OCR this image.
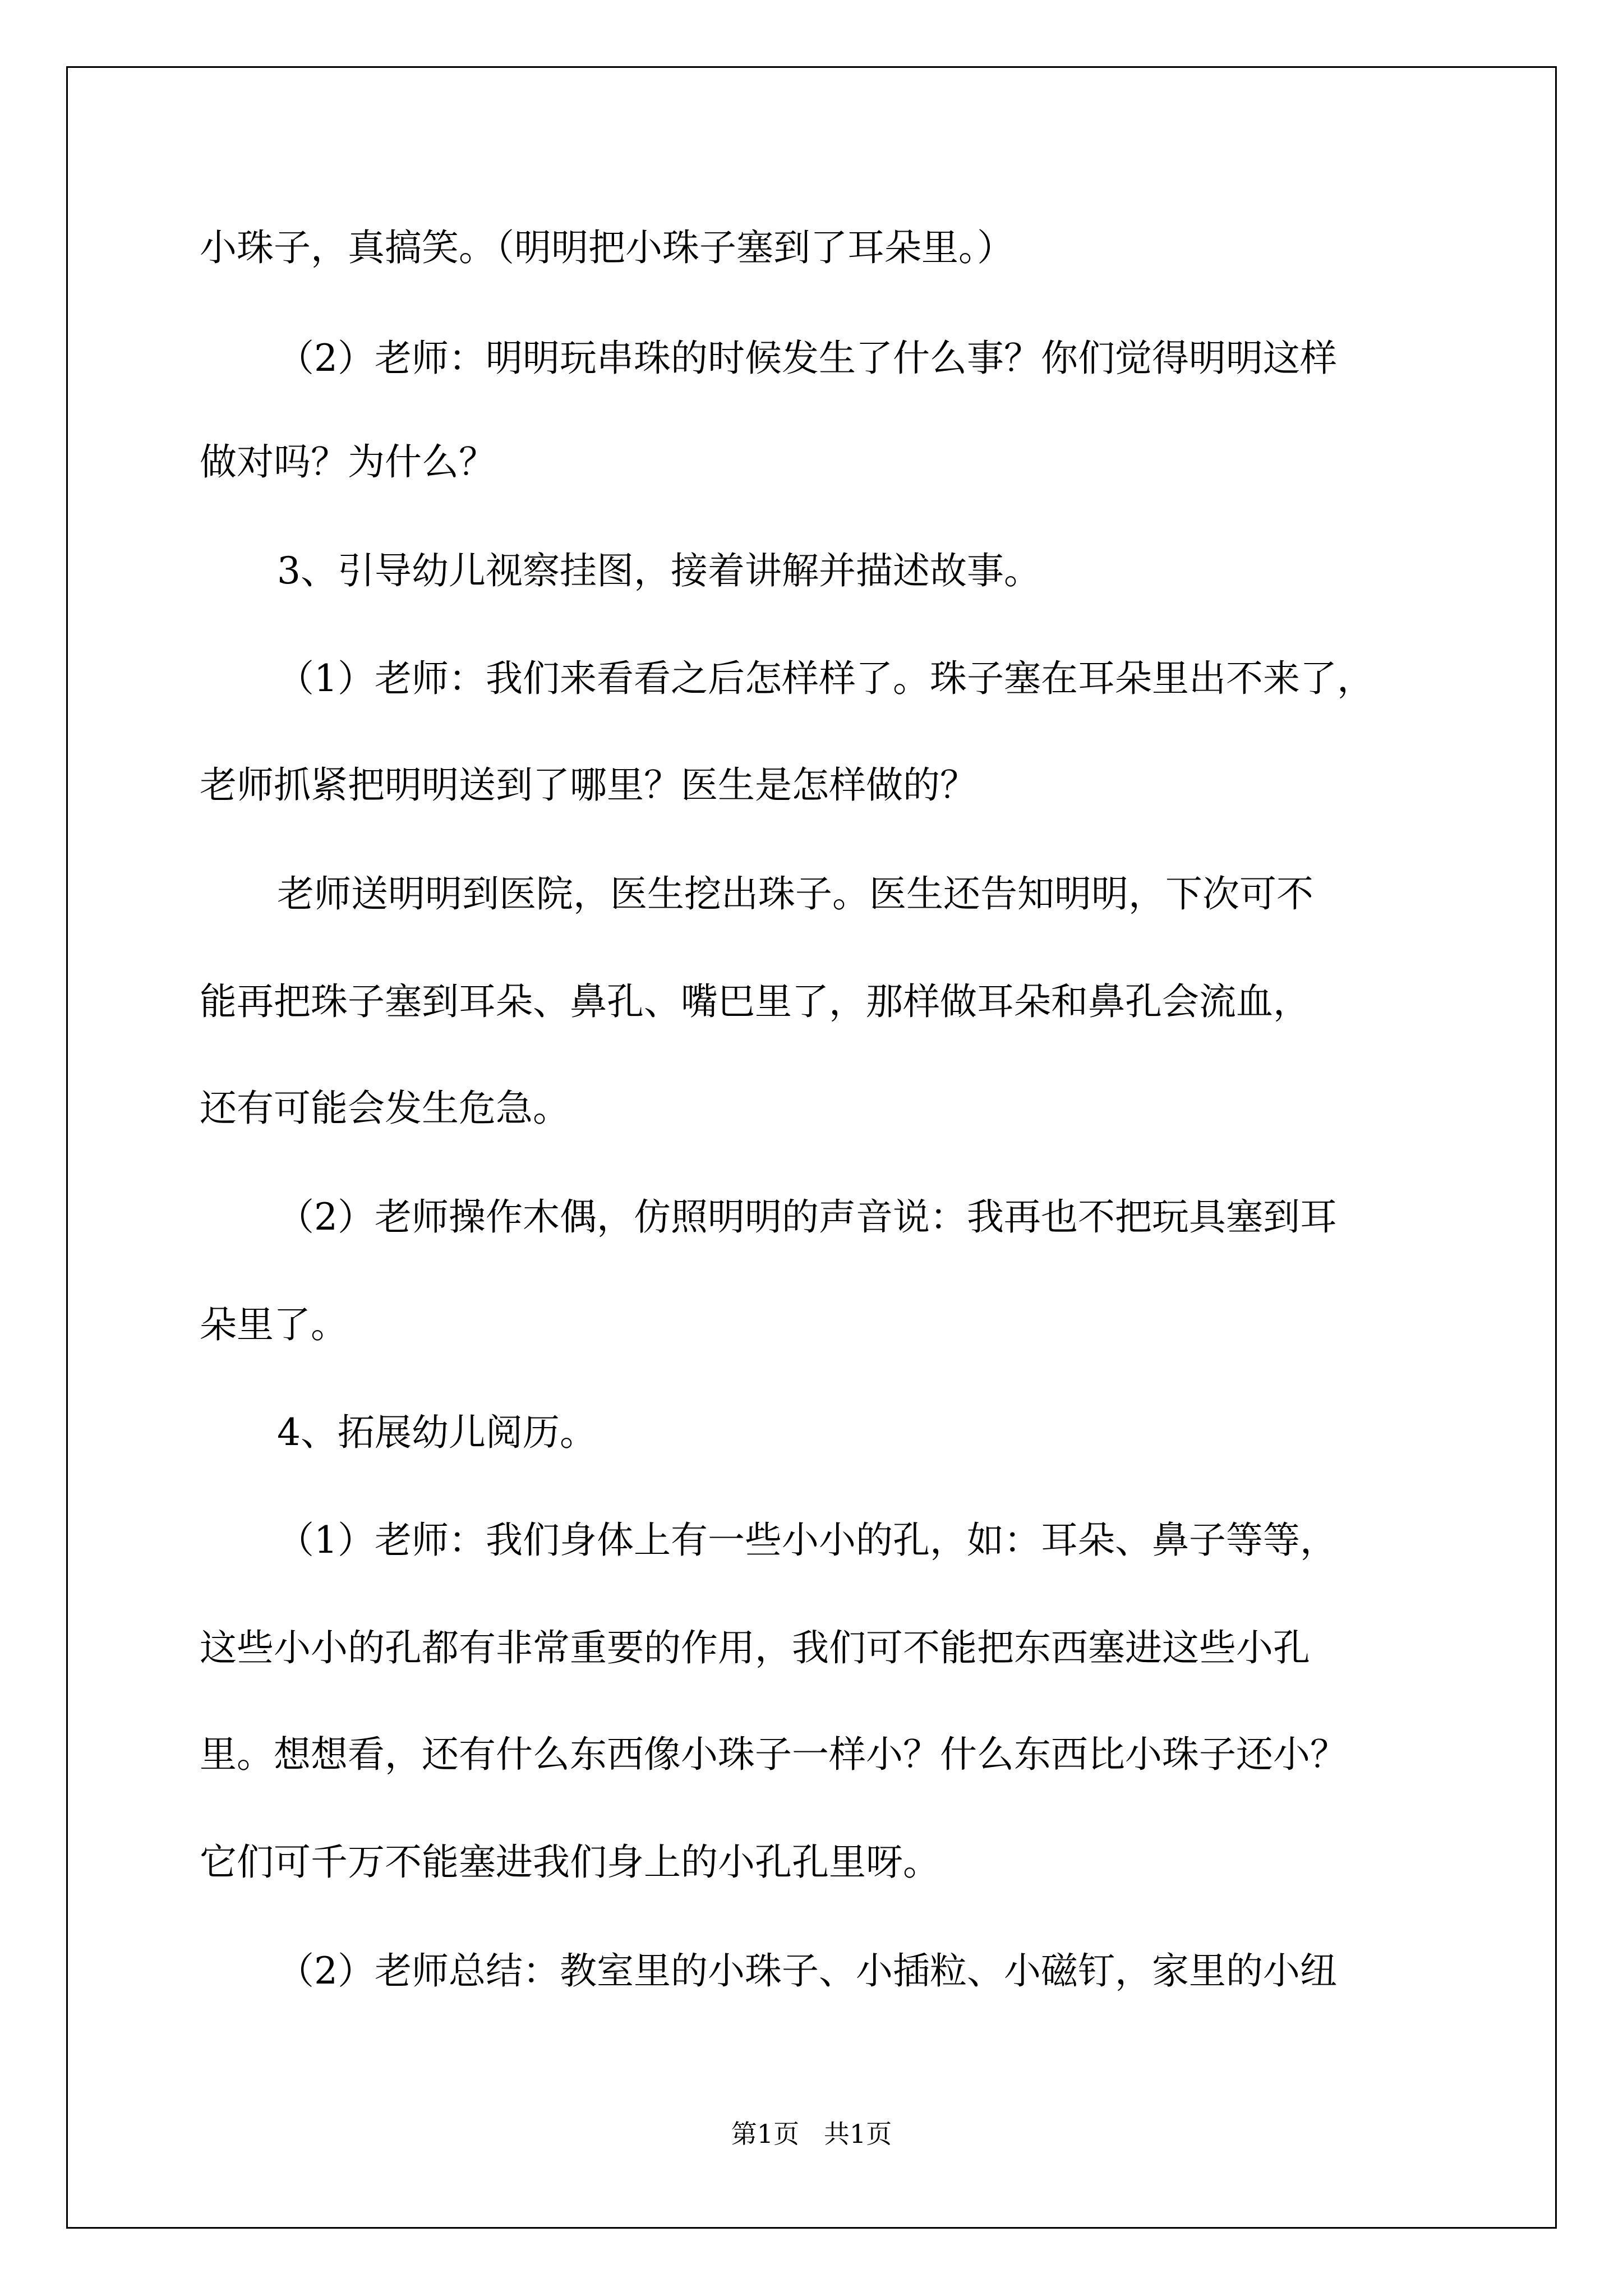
小珠子，真搞笑。（明明把小珠子塞到了耳朵里。）
（2）老师：明明玩串珠的时候发生了什么事？你们觉得明明这样
做对吗？为什么？
3、引导幼儿视察挂图，接着讲解并描述故事。
（1）老师：我们来看看之后怎样样了。珠子塞在耳朵里出不来了，
老师抓紧把明明送到了哪里？医生是怎样做的？
老师送明明到医院，医生挖出珠子。医生还告知明明，下次可不
能再把珠子塞到耳朵、鼻孔、嘴巴里了，那样做耳朵和鼻孔会流血，
还有可能会发生危急。
（2）老师操作木偶，仿照明明的声音说：我再也不把玩具塞到耳
朵里了。
4、拓展幼儿阅历。
（1）老师：我们身体上有一些小小的孔，如：耳朵、鼻子等等，
这些小小的孔都有非常重要的作用，我们可不能把东西塞进这些小孔
里。想想看，还有什么东西像小珠子一样小？什么东西比小珠子还小？
它们可千万不能塞进我们身上的小孔孔里呀。
（2）老师总结：教室里的小珠子、小插粒、小磁钉，家里的小纽
第1页   共1页
